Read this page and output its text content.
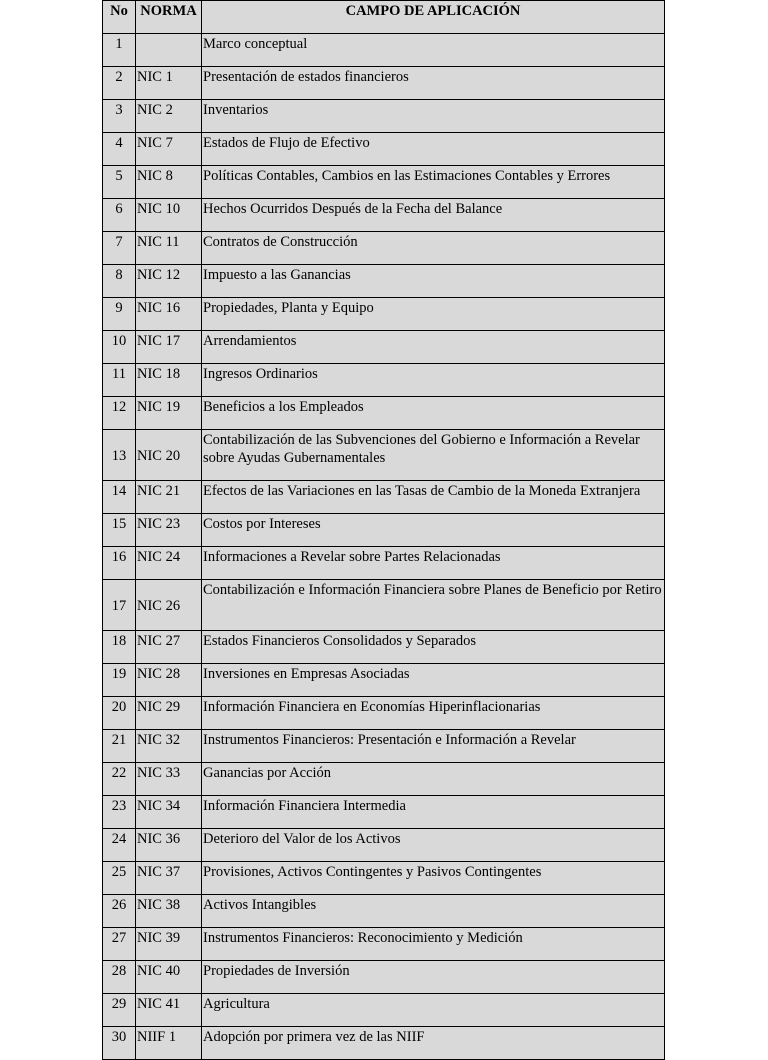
No	NORMA	CAMPO DE APLICACIÓN
1		Marco conceptual
2	NIC 1	Presentación de estados financieros
3	NIC 2	Inventarios
4	NIC 7	Estados de Flujo de Efectivo
5	NIC 8	Políticas Contables, Cambios en las Estimaciones Contables y Errores
6	NIC 10	Hechos Ocurridos Después de la Fecha del Balance
7	NIC 11	Contratos de Construcción
8	NIC 12	Impuesto a las Ganancias
9	NIC 16	Propiedades, Planta y Equipo
10	NIC 17	Arrendamientos
11	NIC 18	Ingresos Ordinarios
12	NIC 19	Beneficios a los Empleados
13	NIC 20	Contabilización de las Subvenciones del Gobierno e Información a Revelar sobre Ayudas Gubernamentales
14	NIC 21	Efectos de las Variaciones en las Tasas de Cambio de la Moneda Extranjera
15	NIC 23	Costos por Intereses
16	NIC 24	Informaciones a Revelar sobre Partes Relacionadas
17	NIC 26	Contabilización e Información Financiera sobre Planes de Beneficio por Retiro
18	NIC 27	Estados Financieros Consolidados y Separados
19	NIC 28	Inversiones en Empresas Asociadas
20	NIC 29	Información Financiera en Economías Hiperinflacionarias
21	NIC 32	Instrumentos Financieros: Presentación e Información a Revelar
22	NIC 33	Ganancias por Acción
23	NIC 34	Información Financiera Intermedia
24	NIC 36	Deterioro del Valor de los Activos
25	NIC 37	Provisiones, Activos Contingentes y Pasivos Contingentes
26	NIC 38	Activos Intangibles
27	NIC 39	Instrumentos Financieros: Reconocimiento y Medición
28	NIC 40	Propiedades de Inversión
29	NIC 41	Agricultura
30	NIIF 1	Adopción por primera vez de las NIIF
